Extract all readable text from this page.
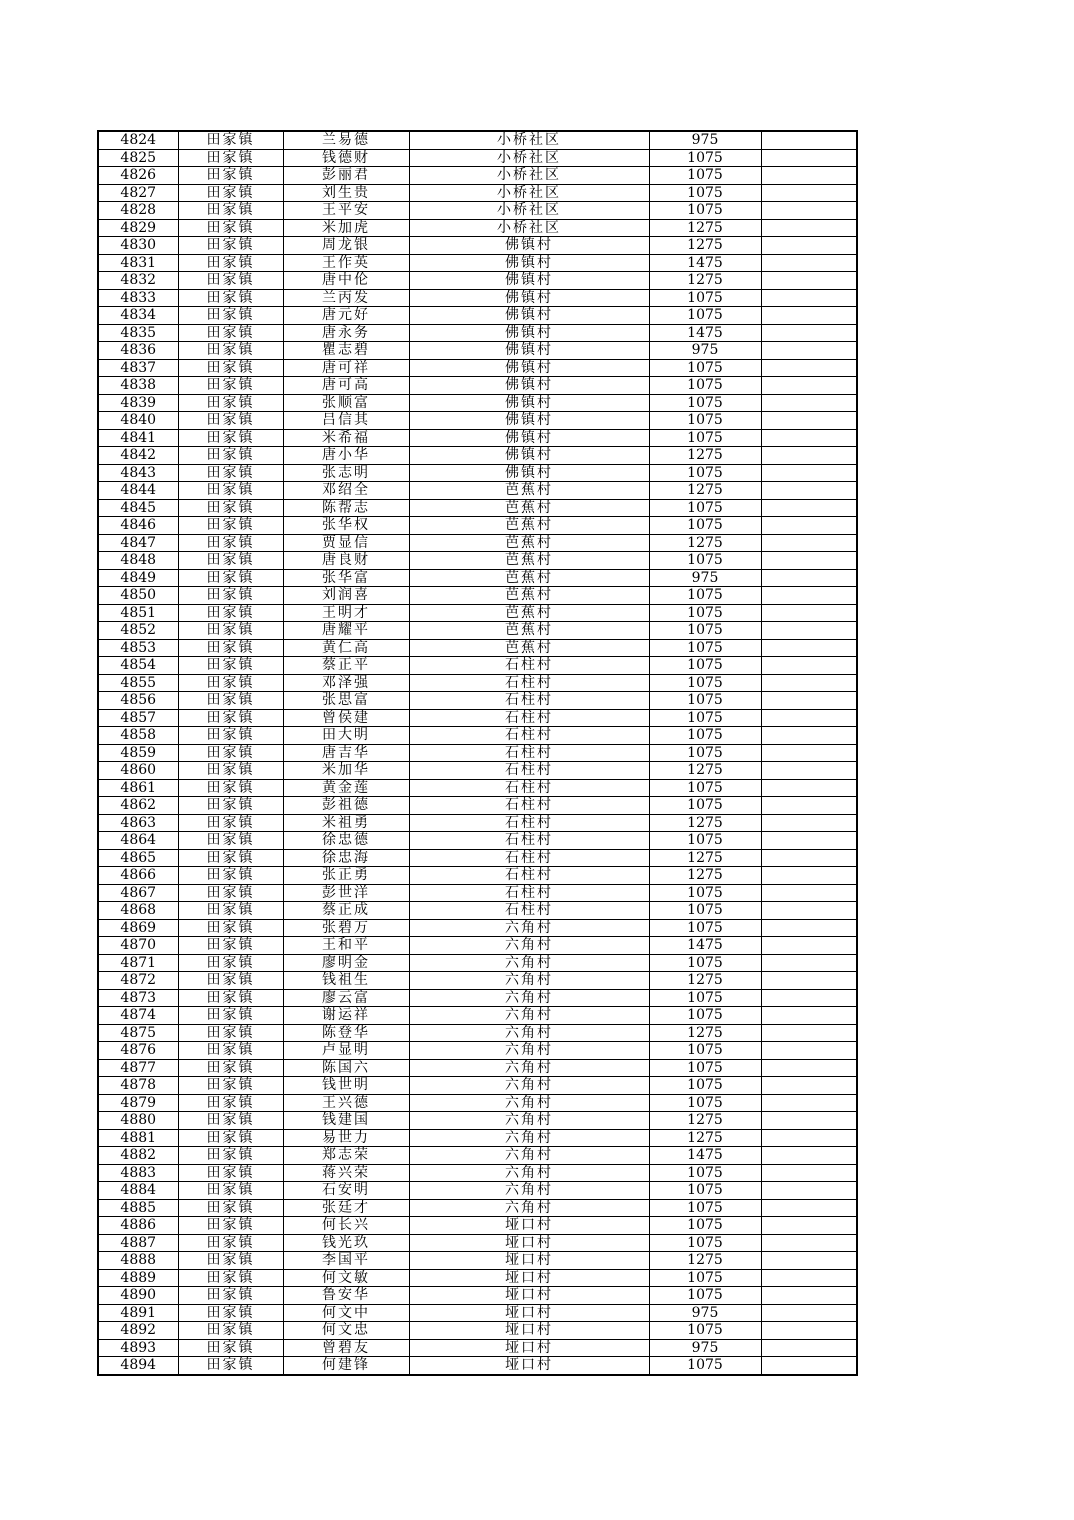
4824	田家镇	兰易德	小桥社区	975	
4825	田家镇	钱德财	小桥社区	1075	
4826	田家镇	彭丽君	小桥社区	1075	
4827	田家镇	刘生贵	小桥社区	1075	
4828	田家镇	王平安	小桥社区	1075	
4829	田家镇	米加虎	小桥社区	1275	
4830	田家镇	周龙银	佛镇村	1275	
4831	田家镇	王作英	佛镇村	1475	
4832	田家镇	唐中伦	佛镇村	1275	
4833	田家镇	兰丙发	佛镇村	1075	
4834	田家镇	唐元好	佛镇村	1075	
4835	田家镇	唐永务	佛镇村	1475	
4836	田家镇	瞿志碧	佛镇村	975	
4837	田家镇	唐可祥	佛镇村	1075	
4838	田家镇	唐可高	佛镇村	1075	
4839	田家镇	张顺富	佛镇村	1075	
4840	田家镇	吕信其	佛镇村	1075	
4841	田家镇	米希福	佛镇村	1075	
4842	田家镇	唐小华	佛镇村	1275	
4843	田家镇	张志明	佛镇村	1075	
4844	田家镇	邓绍全	芭蕉村	1275	
4845	田家镇	陈帮志	芭蕉村	1075	
4846	田家镇	张华权	芭蕉村	1075	
4847	田家镇	贾显信	芭蕉村	1275	
4848	田家镇	唐良财	芭蕉村	1075	
4849	田家镇	张华富	芭蕉村	975	
4850	田家镇	刘润喜	芭蕉村	1075	
4851	田家镇	王明才	芭蕉村	1075	
4852	田家镇	唐耀平	芭蕉村	1075	
4853	田家镇	黄仁高	芭蕉村	1075	
4854	田家镇	蔡正平	石柱村	1075	
4855	田家镇	邓泽强	石柱村	1075	
4856	田家镇	张思富	石柱村	1075	
4857	田家镇	曾侯建	石柱村	1075	
4858	田家镇	田大明	石柱村	1075	
4859	田家镇	唐吉华	石柱村	1075	
4860	田家镇	米加华	石柱村	1275	
4861	田家镇	黄金莲	石柱村	1075	
4862	田家镇	彭祖德	石柱村	1075	
4863	田家镇	米祖勇	石柱村	1275	
4864	田家镇	徐忠德	石柱村	1075	
4865	田家镇	徐忠海	石柱村	1275	
4866	田家镇	张正勇	石柱村	1275	
4867	田家镇	彭世洋	石柱村	1075	
4868	田家镇	蔡正成	石柱村	1075	
4869	田家镇	张碧万	六角村	1075	
4870	田家镇	王和平	六角村	1475	
4871	田家镇	廖明金	六角村	1075	
4872	田家镇	钱祖生	六角村	1275	
4873	田家镇	廖云富	六角村	1075	
4874	田家镇	谢运祥	六角村	1075	
4875	田家镇	陈登华	六角村	1275	
4876	田家镇	卢显明	六角村	1075	
4877	田家镇	陈国六	六角村	1075	
4878	田家镇	钱世明	六角村	1075	
4879	田家镇	王兴德	六角村	1075	
4880	田家镇	钱建国	六角村	1275	
4881	田家镇	易世力	六角村	1275	
4882	田家镇	郑志荣	六角村	1475	
4883	田家镇	蒋兴荣	六角村	1075	
4884	田家镇	石安明	六角村	1075	
4885	田家镇	张廷才	六角村	1075	
4886	田家镇	何长兴	垭口村	1075	
4887	田家镇	钱光玖	垭口村	1075	
4888	田家镇	李国平	垭口村	1275	
4889	田家镇	何文敏	垭口村	1075	
4890	田家镇	鲁安华	垭口村	1075	
4891	田家镇	何文中	垭口村	975	
4892	田家镇	何文忠	垭口村	1075	
4893	田家镇	曾碧友	垭口村	975	
4894	田家镇	何建锋	垭口村	1075	
